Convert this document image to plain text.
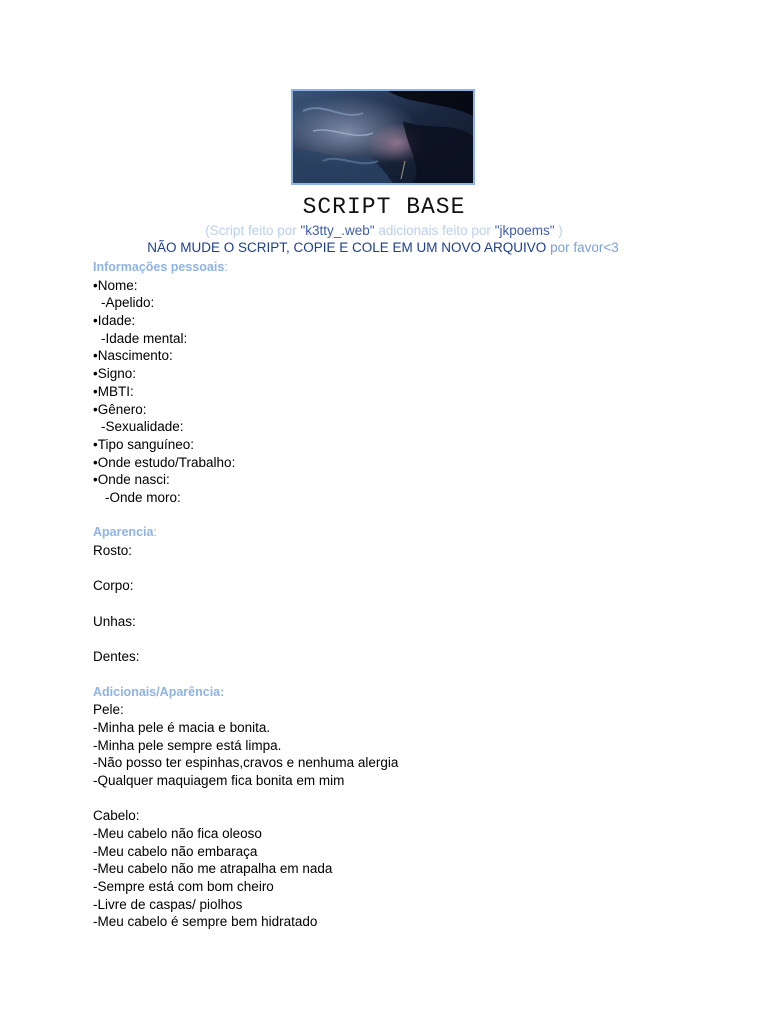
SCRIPT BASE
(Script feito por "k3tty_.web" adicionais feito por "jkpoems" )
NÃO MUDE O SCRIPT, COPIE E COLE EM UM NOVO ARQUIVO por favor<3
Informações pessoais:
•Nome:
-Apelido:
•Idade:
-Idade mental:
•Nascimento:
•Signo:
•MBTI:
•Gênero:
-Sexualidade:
•Tipo sanguíneo:
•Onde estudo/Trabalho:
•Onde nasci:
-Onde moro:
Aparencia:
Rosto:
Corpo:
Unhas:
Dentes:
Adicionais/Aparência:
Pele:
-Minha pele é macia e bonita.
-Minha pele sempre está limpa.
-Não posso ter espinhas,cravos e nenhuma alergia
-Qualquer maquiagem fica bonita em mim
Cabelo:
-Meu cabelo não fica oleoso
-Meu cabelo não embaraça
-Meu cabelo não me atrapalha em nada
-Sempre está com bom cheiro
-Livre de caspas/ piolhos
-Meu cabelo é sempre bem hidratado
